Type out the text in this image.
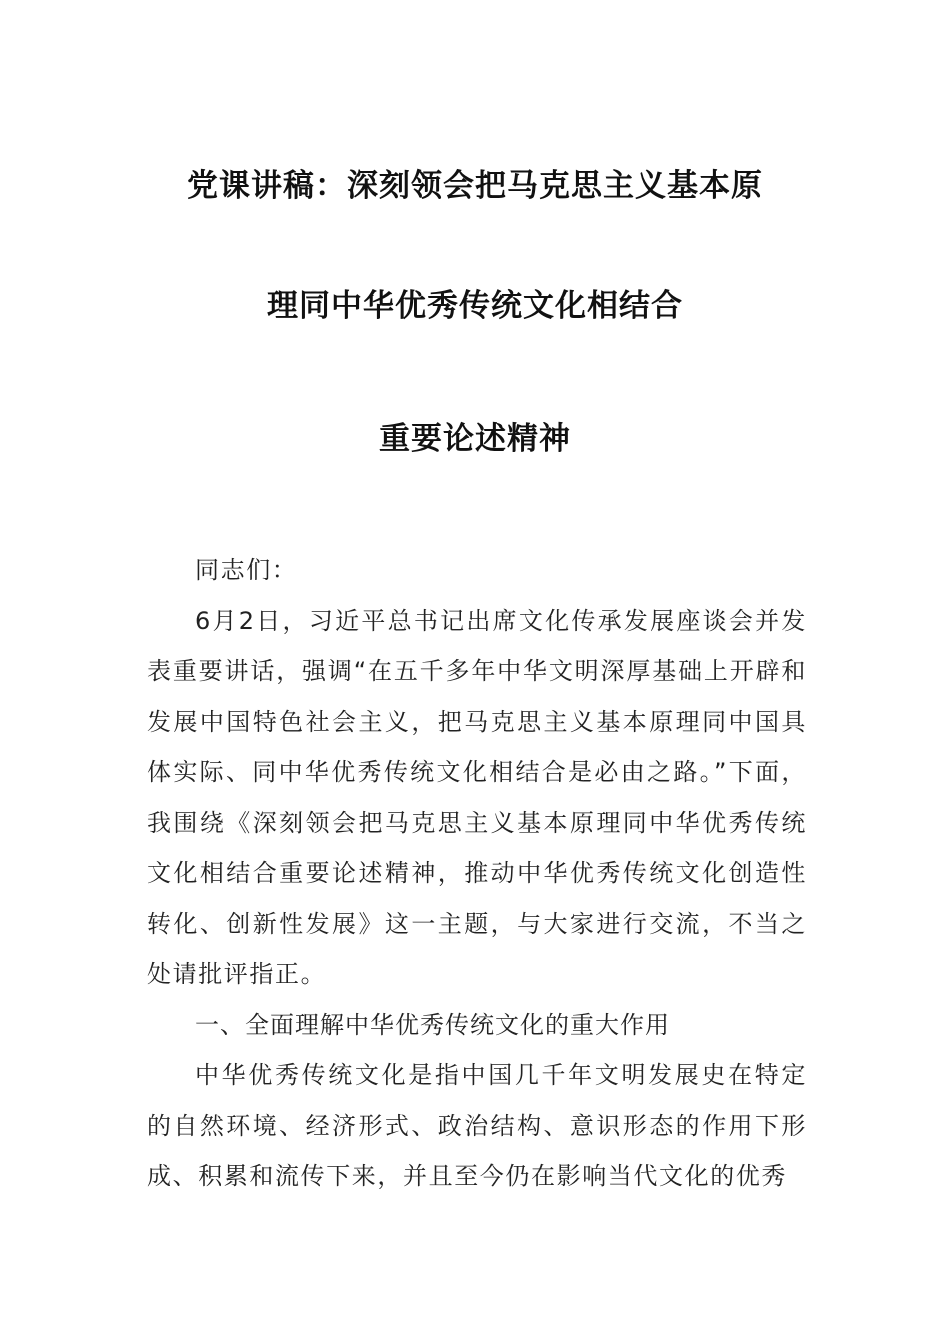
党课讲稿：深刻领会把马克思主义基本原
理同中华优秀传统文化相结合
重要论述精神

同志们：

6月2日，习近平总书记出席文化传承发展座谈会并发表重要讲话，强调“在五千多年中华文明深厚基础上开辟和发展中国特色社会主义，把马克思主义基本原理同中国具体实际、同中华优秀传统文化相结合是必由之路。”下面，我围绕《深刻领会把马克思主义基本原理同中华优秀传统文化相结合重要论述精神，推动中华优秀传统文化创造性转化、创新性发展》这一主题，与大家进行交流，不当之处请批评指正。

一、全面理解中华优秀传统文化的重大作用

中华优秀传统文化是指中国几千年文明发展史在特定的自然环境、经济形式、政治结构、意识形态的作用下形成、积累和流传下来，并且至今仍在影响当代文化的优秀
